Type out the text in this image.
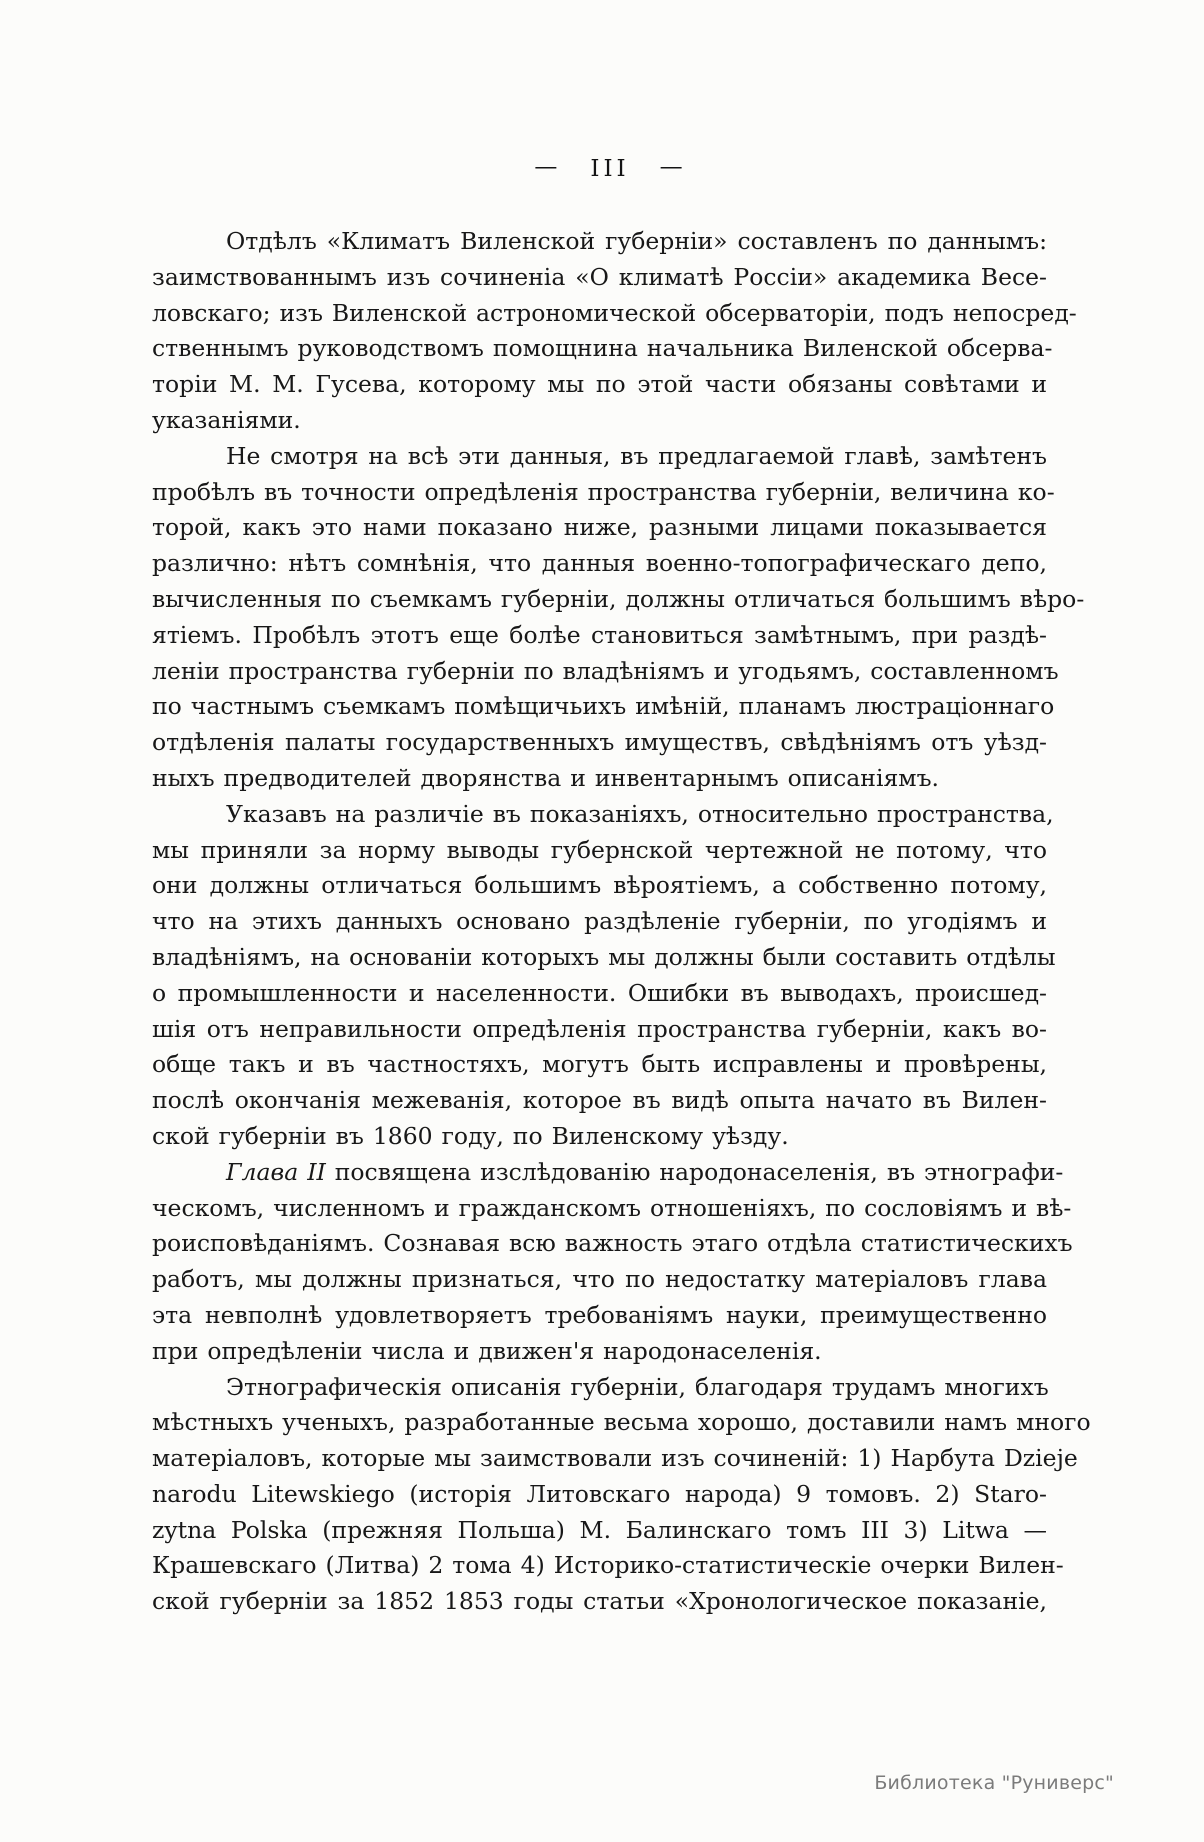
— III —
Отдѣлъ «Климатъ Виленской губерніи» составленъ по даннымъ:
заимствованнымъ изъ сочиненіа «О климатѣ Россіи» академика Весе-
ловскаго; изъ Виленской астрономической обсерваторіи, подъ непосред-
ственнымъ руководствомъ помощнина начальника Виленской обсерва-
торіи М. М. Гусева, которому мы по этой части обязаны совѣтами и
указаніями.
Не смотря на всѣ эти данныя, въ предлагаемой главѣ, замѣтенъ
пробѣлъ въ точности опредѣленія пространства губерніи, величина ко-
торой, какъ это нами показано ниже, разными лицами показывается
различно: нѣтъ сомнѣнія, что данныя военно-топографическаго депо,
вычисленныя по съемкамъ губерніи, должны отличаться большимъ вѣро-
ятіемъ. Пробѣлъ этотъ еще болѣе становиться замѣтнымъ, при раздѣ-
леніи пространства губерніи по владѣніямъ и угодьямъ, составленномъ
по частнымъ съемкамъ помѣщичьихъ имѣній, планамъ люстраціоннаго
отдѣленія палаты государственныхъ имуществъ, свѣдѣніямъ отъ уѣзд-
ныхъ предводителей дворянства и инвентарнымъ описаніямъ.
Указавъ на различіе въ показаніяхъ, относительно пространства,
мы приняли за норму выводы губернской чертежной не потому, что
они должны отличаться большимъ вѣроятіемъ, а собственно потому,
что на этихъ данныхъ основано раздѣленіе губерніи, по угодіямъ и
владѣніямъ, на основаніи которыхъ мы должны были составить отдѣлы
о промышленности и населенности. Ошибки въ выводахъ, происшед-
шія отъ неправильности опредѣленія пространства губерніи, какъ во-
обще такъ и въ частностяхъ, могутъ быть исправлены и провѣрены,
послѣ окончанія межеванія, которое въ видѣ опыта начато въ Вилен-
ской губерніи въ 1860 году, по Виленскому уѣзду.
Глава II посвящена изслѣдованію народонаселенія, въ этнографи-
ческомъ, численномъ и гражданскомъ отношеніяхъ, по сословіямъ и вѣ-
роисповѣданіямъ. Сознавая всю важность этаго отдѣла статистическихъ
работъ, мы должны признаться, что по недостатку матеріаловъ глава
эта невполнѣ удовлетворяетъ требованіямъ науки, преимущественно
при опредѣленіи числа и движен'я народонаселенія.
Этнографическія описанія губерніи, благодаря трудамъ многихъ
мѣстныхъ ученыхъ, разработанные весьма хорошо, доставили намъ много
матеріаловъ, которые мы заимствовали изъ сочиненій: 1) Нарбута Dzieje
narodu Litewskiego (исторія Литовскаго народа) 9 томовъ. 2) Staro-
zytna Polska (прежняя Польша) М. Балинскаго томъ III 3) Litwa —
Крашевскаго (Литва) 2 тома 4) Историко-статистическіе очерки Вилен-
ской губерніи за 1852 1853 годы статьи «Хронологическое показаніе,
Библиотека "Руниверс"
